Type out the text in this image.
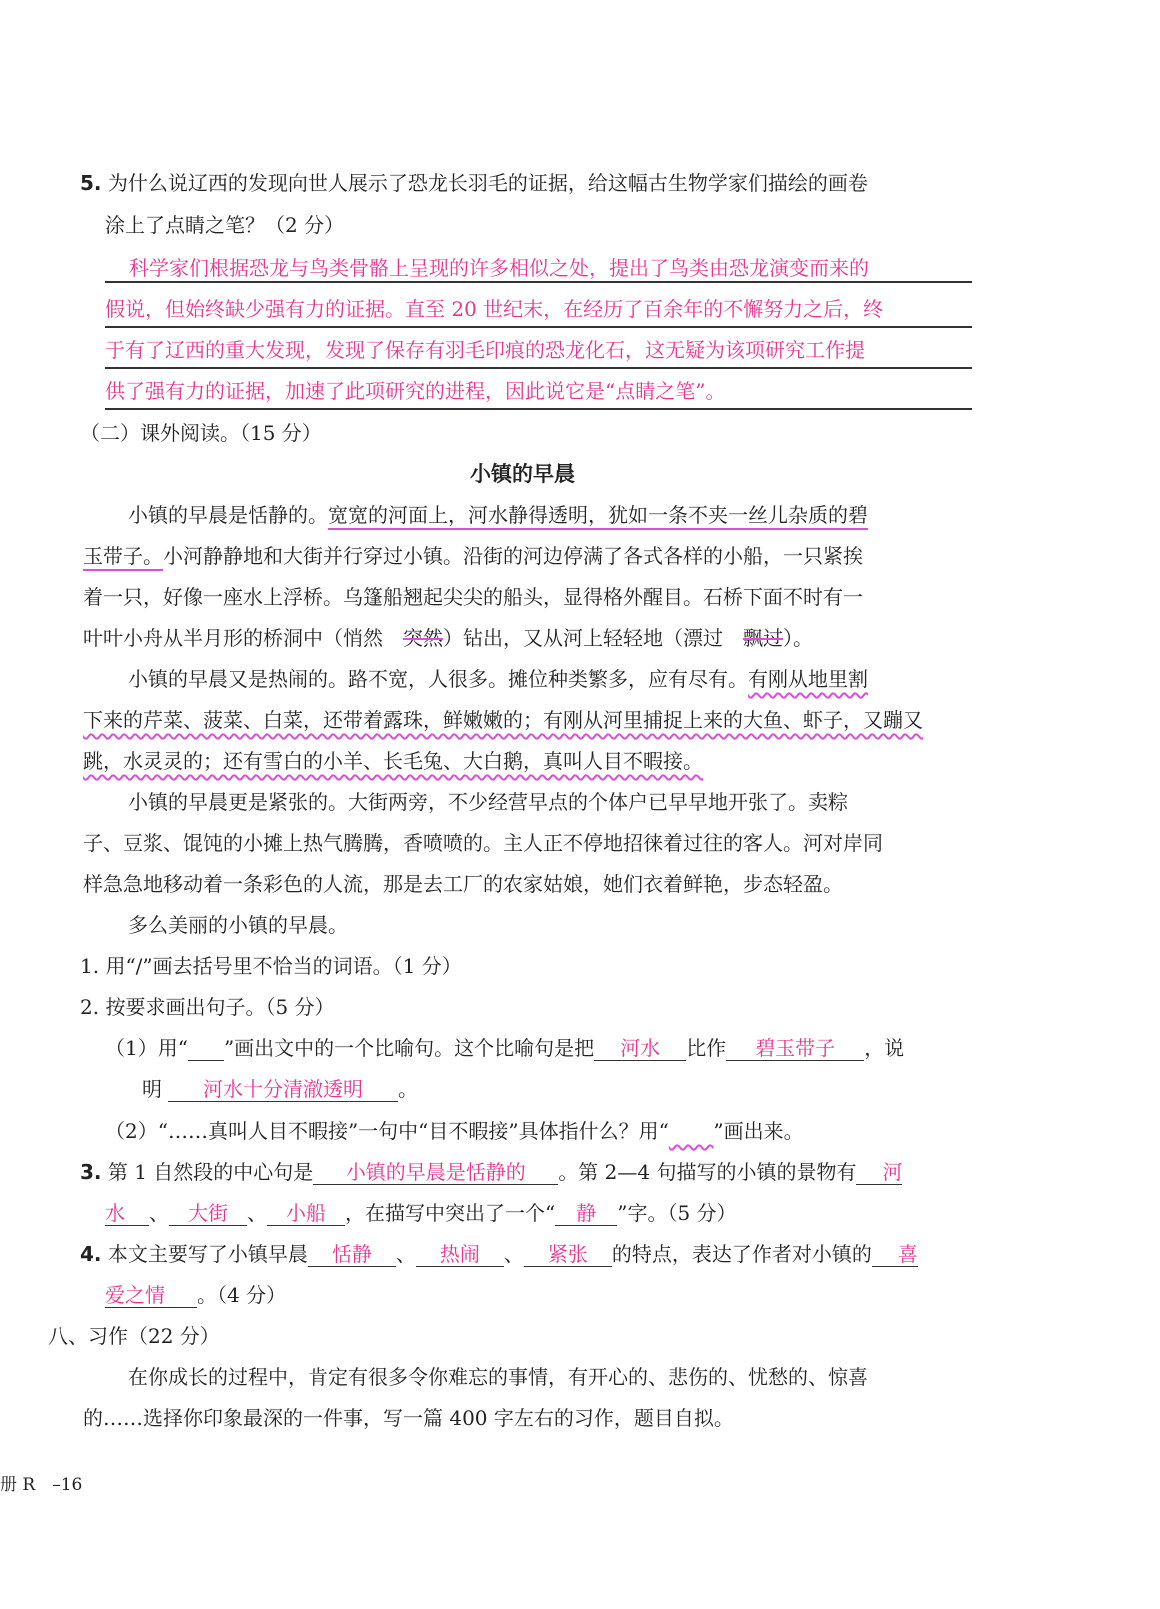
5. 为什么说辽西的发现向世人展示了恐龙长羽毛的证据，给这幅古生物学家们描绘的画卷
涂上了点睛之笔？（2 分）
科学家们根据恐龙与鸟类骨骼上呈现的许多相似之处，提出了鸟类由恐龙演变而来的
假说，但始终缺少强有力的证据。直至 20 世纪末，在经历了百余年的不懈努力之后，终
于有了辽西的重大发现，发现了保存有羽毛印痕的恐龙化石，这无疑为该项研究工作提
供了强有力的证据，加速了此项研究的进程，因此说它是“点睛之笔”。
（二）课外阅读。（15 分）
小镇的早晨
小镇的早晨是恬静的。宽宽的河面上，河水静得透明，犹如一条不夹一丝儿杂质的碧
玉带子。小河静静地和大街并行穿过小镇。沿街的河边停满了各式各样的小船，一只紧挨
着一只，好像一座水上浮桥。乌篷船翘起尖尖的船头，显得格外醒目。石桥下面不时有一
叶叶小舟从半月形的桥洞中（悄然　突然）钻出，又从河上轻轻地（漂过　飘过）。
小镇的早晨又是热闹的。路不宽，人很多。摊位种类繁多，应有尽有。有刚从地里割
下来的芹菜、菠菜、白菜，还带着露珠，鲜嫩嫩的；有刚从河里捕捉上来的大鱼、虾子，又蹦又
跳，水灵灵的；还有雪白的小羊、长毛兔、大白鹅，真叫人目不暇接。
小镇的早晨更是紧张的。大街两旁，不少经营早点的个体户已早早地开张了。卖粽
子、豆浆、馄饨的小摊上热气腾腾，香喷喷的。主人正不停地招徕着过往的客人。河对岸同
样急急地移动着一条彩色的人流，那是去工厂的农家姑娘，她们衣着鲜艳，步态轻盈。
多么美丽的小镇的早晨。
1. 用“/”画去括号里不恰当的词语。（1 分）
2. 按要求画出句子。（5 分）
（1）用“ ”画出文中的一个比喻句。这个比喻句是把 河水 比作 碧玉带子 ，说
明 河水十分清澈透明 。
（2）“……真叫人目不暇接”一句中“目不暇接”具体指什么？用“ ”画出来。
3. 第 1 自然段的中心句是 小镇的早晨是恬静的 。第 2—4 句描写的小镇的景物有 河
水 、 大街 、 小船 ，在描写中突出了一个“ 静 ”字。（5 分）
4. 本文主要写了小镇早晨 恬静 、 热闹 、 紧张 的特点，表达了作者对小镇的 喜
爱之情 。（4 分）
八、习作（22 分）
在你成长的过程中，肯定有很多令你难忘的事情，有开心的、悲伤的、忧愁的、惊喜
的……选择你印象最深的一件事，写一篇 400 字左右的习作，题目自拟。
册 R　–16
